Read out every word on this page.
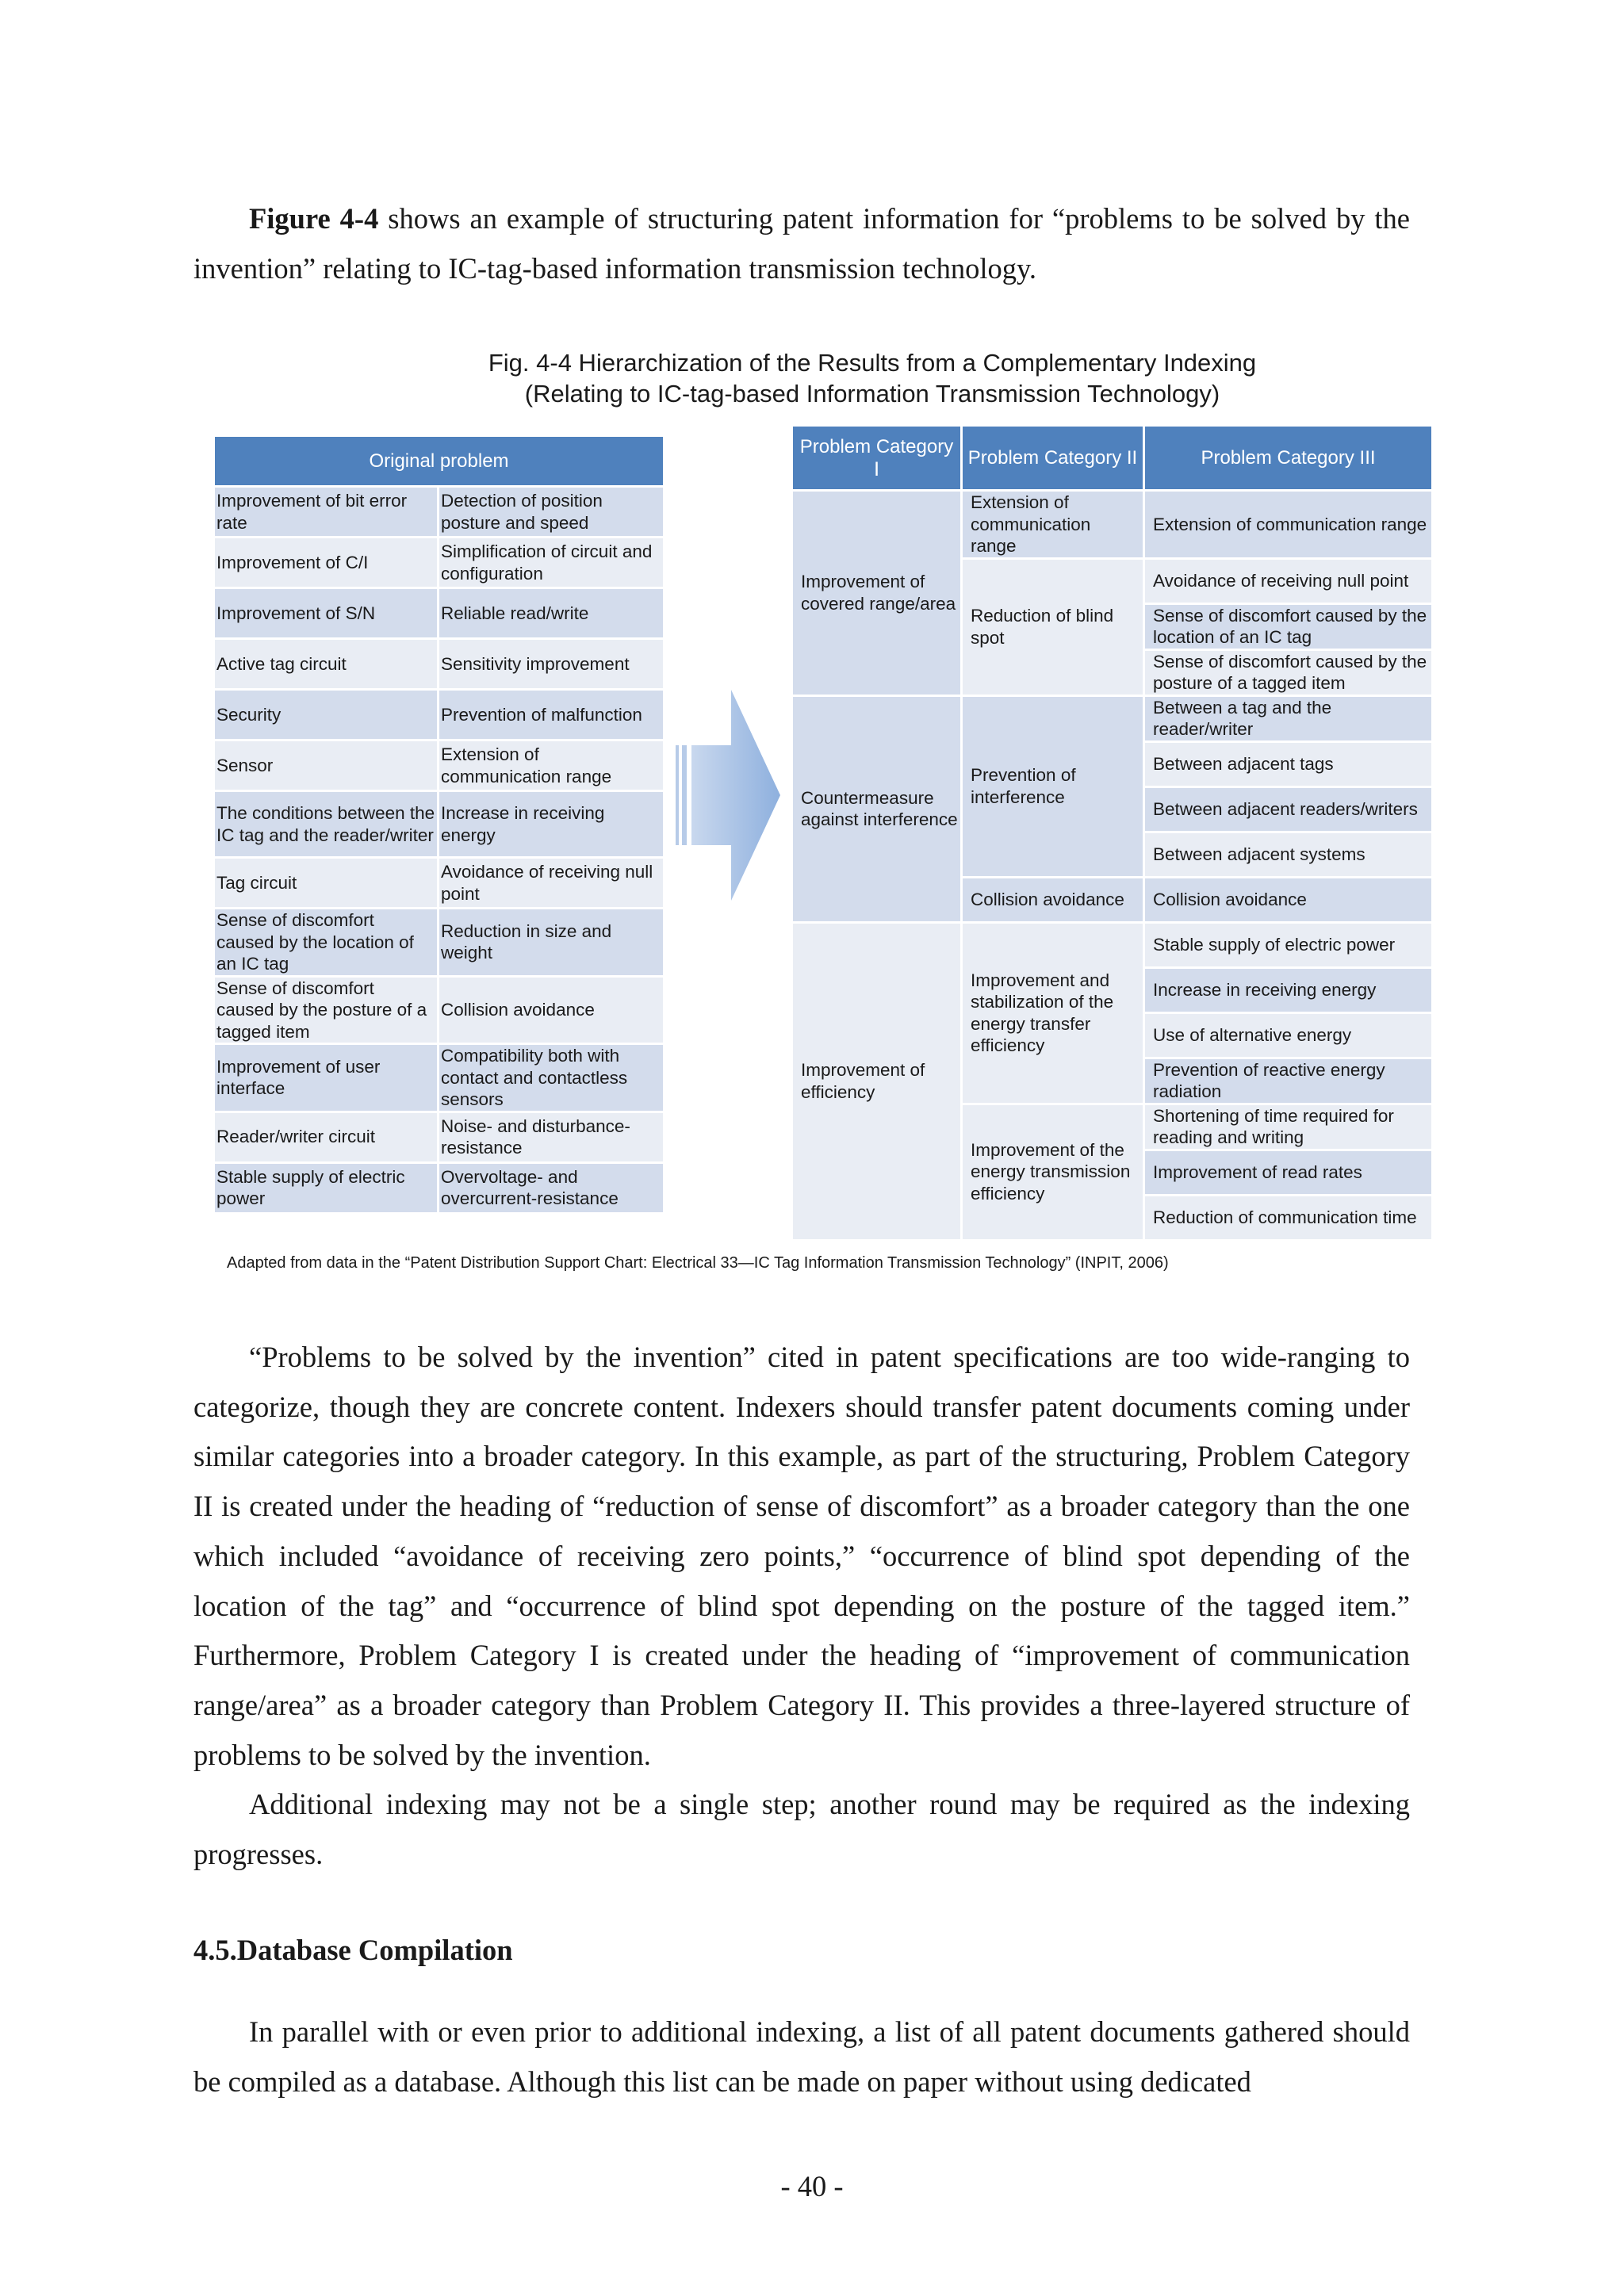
Figure 4-4 shows an example of structuring patent information for “problems to be solved by the invention” relating to IC-tag-based information transmission technology.

Fig. 4-4 Hierarchization of the Results from a Complementary Indexing
(Relating to IC-tag-based Information Transmission Technology)
Original problem	
Improvement of bit error rate	Detection of position posture and speed
Improvement of C/I	Simplification of circuit and configuration
Improvement of S/N	Reliable read/write
Active tag circuit	Sensitivity improvement
Security	Prevention of malfunction
Sensor	Extension of communication range
The conditions between the IC tag and the reader/writer	Increase in receiving energy
Tag circuit	Avoidance of receiving null point
Sense of discomfort caused by the location of an IC tag	Reduction in size and weight
Sense of discomfort caused by the posture of a tagged item	Collision avoidance
Improvement of user interface	Compatibility both with contact and contactless sensors
Reader/writer circuit	Noise- and disturbance-resistance
Stable supply of electric power	Overvoltage- and overcurrent-resistance
Problem Category Ⅰ	Problem Category II	Problem Category III
Improvement of covered range/area	Extension of communication range	Extension of communication range
	Reduction of blind spot	Avoidance of receiving null point
		Sense of discomfort caused by the location of an IC tag
		Sense of discomfort caused by the posture of a tagged item
Countermeasure against interference	Prevention of interference	Between a tag and the reader/writer
		Between adjacent tags
		Between adjacent readers/writers
		Between adjacent systems
	Collision avoidance	Collision avoidance
Improvement of efficiency	Improvement and stabilization of the energy transfer efficiency	Stable supply of electric power
		Increase in receiving energy
		Use of alternative energy
		Prevention of reactive energy radiation
	Improvement of the energy transmission efficiency	Shortening of time required for reading and writing
		Improvement of read rates
		Reduction of communication time
Adapted from data in the “Patent Distribution Support Chart: Electrical 33―IC Tag Information Transmission Technology” (INPIT, 2006)

“Problems to be solved by the invention” cited in patent specifications are too wide-ranging to categorize, though they are concrete content. Indexers should transfer patent documents coming under similar categories into a broader category. In this example, as part of the structuring, Problem Category II is created under the heading of “reduction of sense of discomfort” as a broader category than the one which included “avoidance of receiving zero points,” “occurrence of blind spot depending of the location of the tag” and “occurrence of blind spot depending on the posture of the tagged item.” Furthermore, Problem Category I is created under the heading of “improvement of communication range/area” as a broader category than Problem Category II. This provides a three-layered structure of problems to be solved by the invention.

Additional indexing may not be a single step; another round may be required as the indexing progresses.

4.5.Database Compilation

In parallel with or even prior to additional indexing, a list of all patent documents gathered should be compiled as a database. Although this list can be made on paper without using dedicated

- 40 -
